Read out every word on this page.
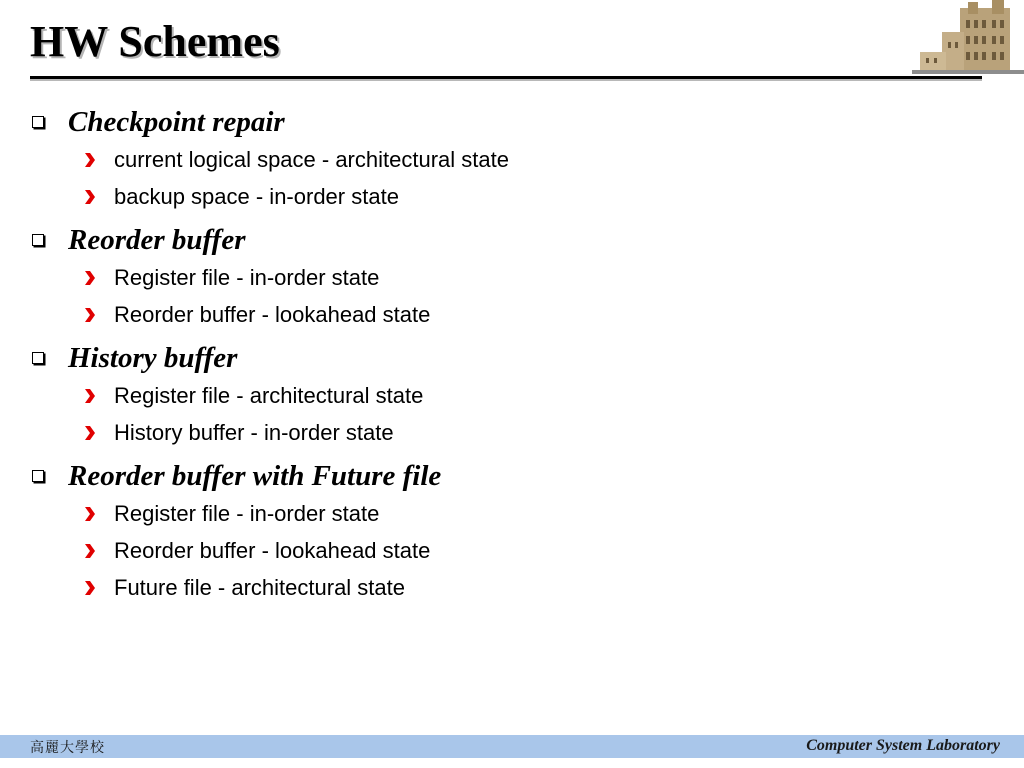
HW Schemes
Checkpoint repair
current logical space - architectural state
backup space - in-order state
Reorder buffer
Register file - in-order state
Reorder buffer - lookahead state
History buffer
Register file - architectural state
History buffer - in-order state
Reorder buffer with Future file
Register file - in-order state
Reorder buffer - lookahead state
Future file - architectural state
高麗大學校	Computer System Laboratory
